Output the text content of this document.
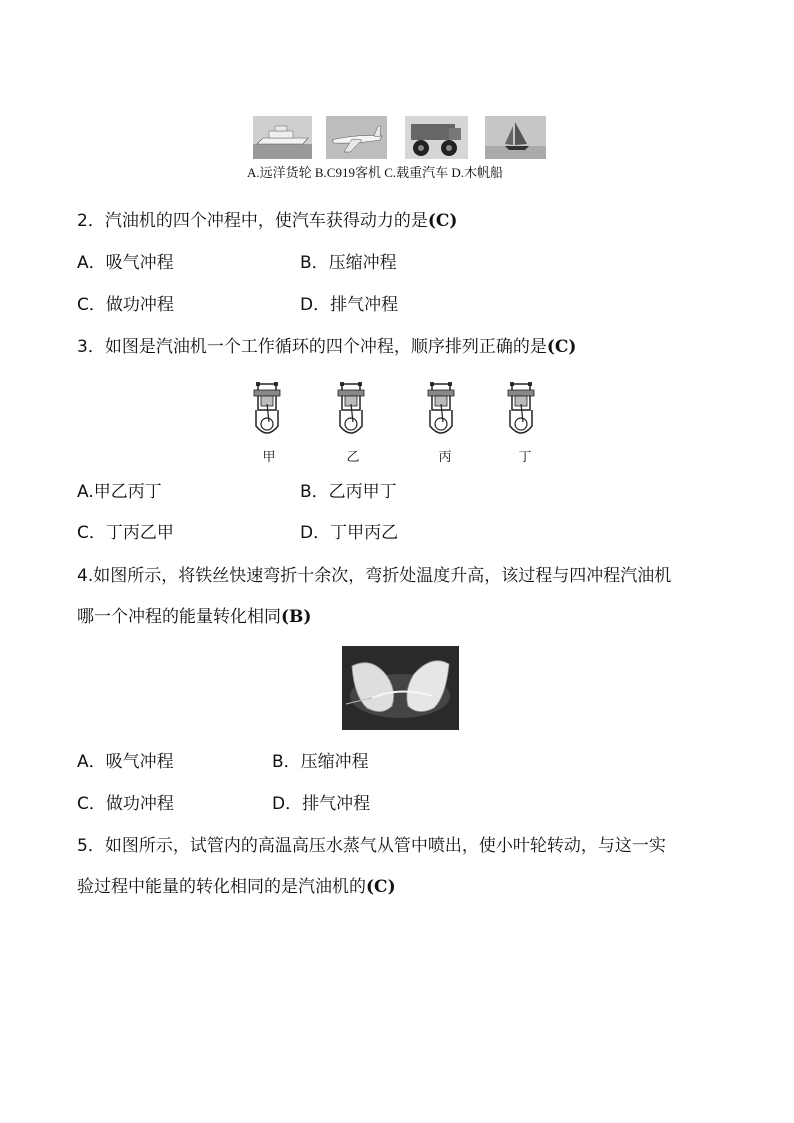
A.远洋货轮 B.C919客机 C.载重汽车 D.木帆船
2．汽油机的四个冲程中，使汽车获得动力的是(C)
A．吸气冲程	B．压缩冲程
C．做功冲程	D．排气冲程
3．如图是汽油机一个工作循环的四个冲程，顺序排列正确的是(C)
甲	乙	丙	丁
A.甲乙丙丁	B．乙丙甲丁
C．丁丙乙甲	D．丁甲丙乙
4.如图所示，将铁丝快速弯折十余次，弯折处温度升高，该过程与四冲程汽油机
哪一个冲程的能量转化相同(B)
A．吸气冲程	B．压缩冲程
C．做功冲程	D．排气冲程
5．如图所示，试管内的高温高压水蒸气从管中喷出，使小叶轮转动，与这一实
验过程中能量的转化相同的是汽油机的(C)
